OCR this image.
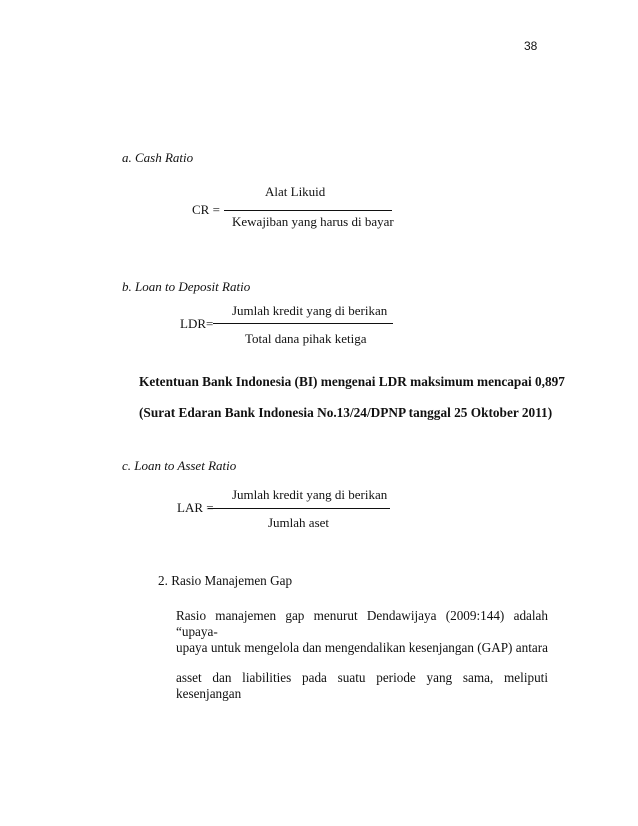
38
a. Cash Ratio
Alat Likuid
CR =
Kewajiban yang harus di bayar
b. Loan to Deposit Ratio
Jumlah kredit yang di berikan
LDR=
Total dana pihak ketiga
Ketentuan Bank Indonesia (BI) mengenai LDR maksimum mencapai 0,897
(Surat Edaran Bank Indonesia No.13/24/DPNP tanggal 25 Oktober 2011)
c. Loan to Asset Ratio
Jumlah kredit yang di berikan
LAR =
Jumlah aset
2. Rasio Manajemen Gap
Rasio manajemen gap menurut Dendawijaya (2009:144) adalah “upaya-
upaya untuk mengelola dan mengendalikan kesenjangan (GAP) antara
asset dan liabilities pada suatu periode yang sama, meliputi kesenjangan
